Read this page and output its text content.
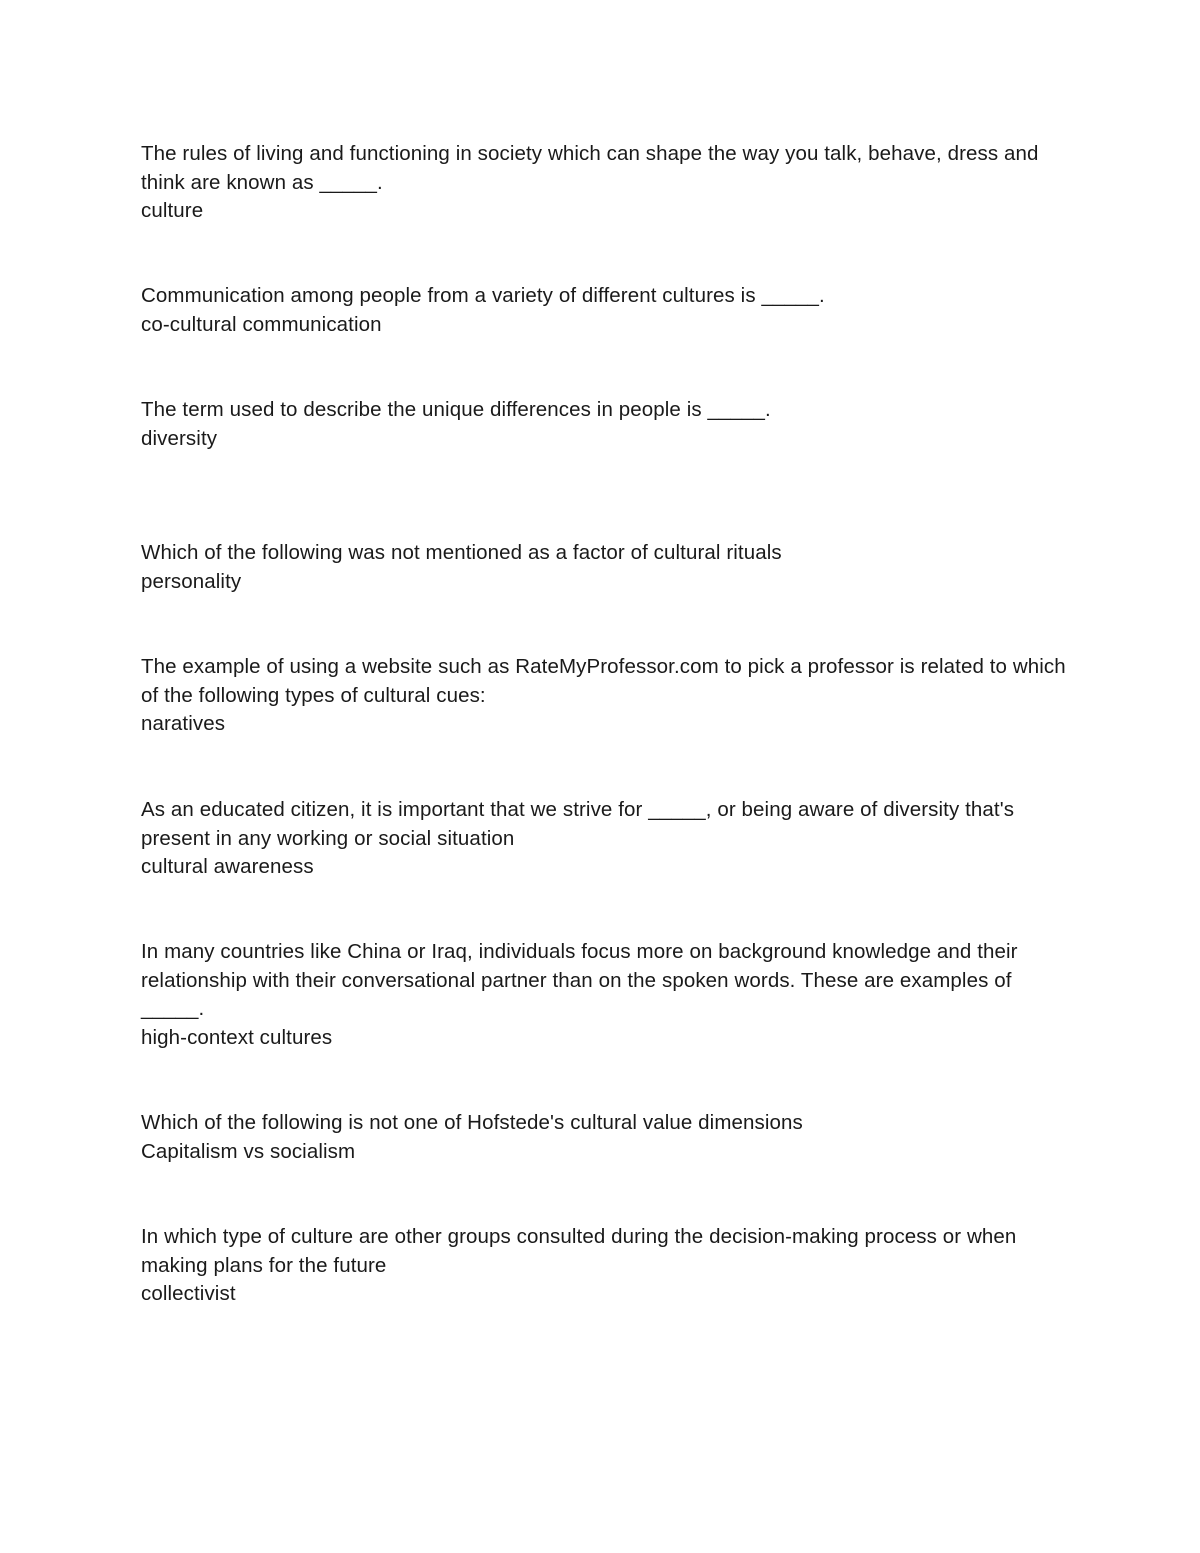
The rules of living and functioning in society which can shape the way you talk, behave, dress and think are known as _____.
culture
Communication among people from a variety of different cultures is _____.
co-cultural communication
The term used to describe the unique differences in people is _____.
diversity
Which of the following was not mentioned as a factor of cultural rituals
personality
The example of using a website such as RateMyProfessor.com to pick a professor is related to which of the following types of cultural cues:
naratives
As an educated citizen, it is important that we strive for _____, or being aware of diversity that's present in any working or social situation
cultural awareness
In many countries like China or Iraq, individuals focus more on background knowledge and their relationship with their conversational partner than on the spoken words. These are examples of _____.
high-context cultures
Which of the following is not one of Hofstede's cultural value dimensions
Capitalism vs socialism
In which type of culture are other groups consulted during the decision-making process or when making plans for the future
collectivist
